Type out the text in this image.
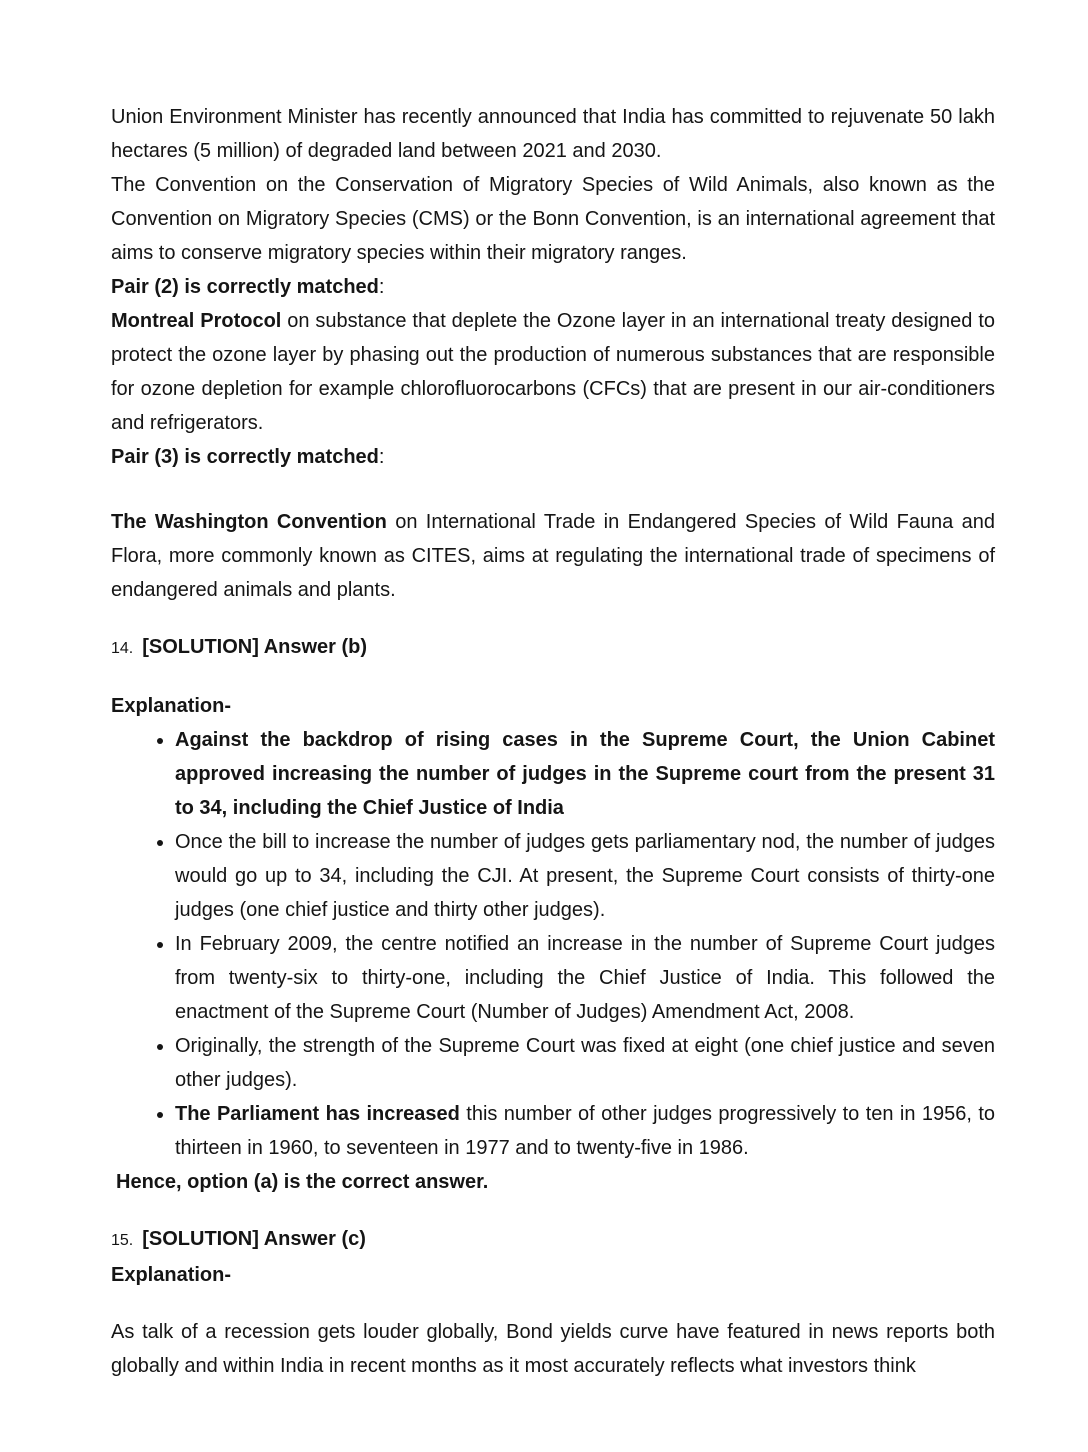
Union Environment Minister has recently announced that India has committed to rejuvenate 50 lakh hectares (5 million) of degraded land between 2021 and 2030.

The Convention on the Conservation of Migratory Species of Wild Animals, also known as the Convention on Migratory Species (CMS) or the Bonn Convention, is an international agreement that aims to conserve migratory species within their migratory ranges.

Pair (2) is correctly matched:

Montreal Protocol on substance that deplete the Ozone layer in an international treaty designed to protect the ozone layer by phasing out the production of numerous substances that are responsible for ozone depletion for example chlorofluorocarbons (CFCs) that are present in our air-conditioners and refrigerators.

Pair (3) is correctly matched:

The Washington Convention on International Trade in Endangered Species of Wild Fauna and Flora, more commonly known as CITES, aims at regulating the international trade of specimens of endangered animals and plants.

14. [SOLUTION] Answer (b)

Explanation-

• Against the backdrop of rising cases in the Supreme Court, the Union Cabinet approved increasing the number of judges in the Supreme court from the present 31 to 34, including the Chief Justice of India
• Once the bill to increase the number of judges gets parliamentary nod, the number of judges would go up to 34, including the CJI. At present, the Supreme Court consists of thirty-one judges (one chief justice and thirty other judges).
• In February 2009, the centre notified an increase in the number of Supreme Court judges from twenty-six to thirty-one, including the Chief Justice of India. This followed the enactment of the Supreme Court (Number of Judges) Amendment Act, 2008.
• Originally, the strength of the Supreme Court was fixed at eight (one chief justice and seven other judges).
• The Parliament has increased this number of other judges progressively to ten in 1956, to thirteen in 1960, to seventeen in 1977 and to twenty-five in 1986.

Hence, option (a) is the correct answer.

15. [SOLUTION] Answer (c)

Explanation-

As talk of a recession gets louder globally, Bond yields curve have featured in news reports both globally and within India in recent months as it most accurately reflects what investors think
